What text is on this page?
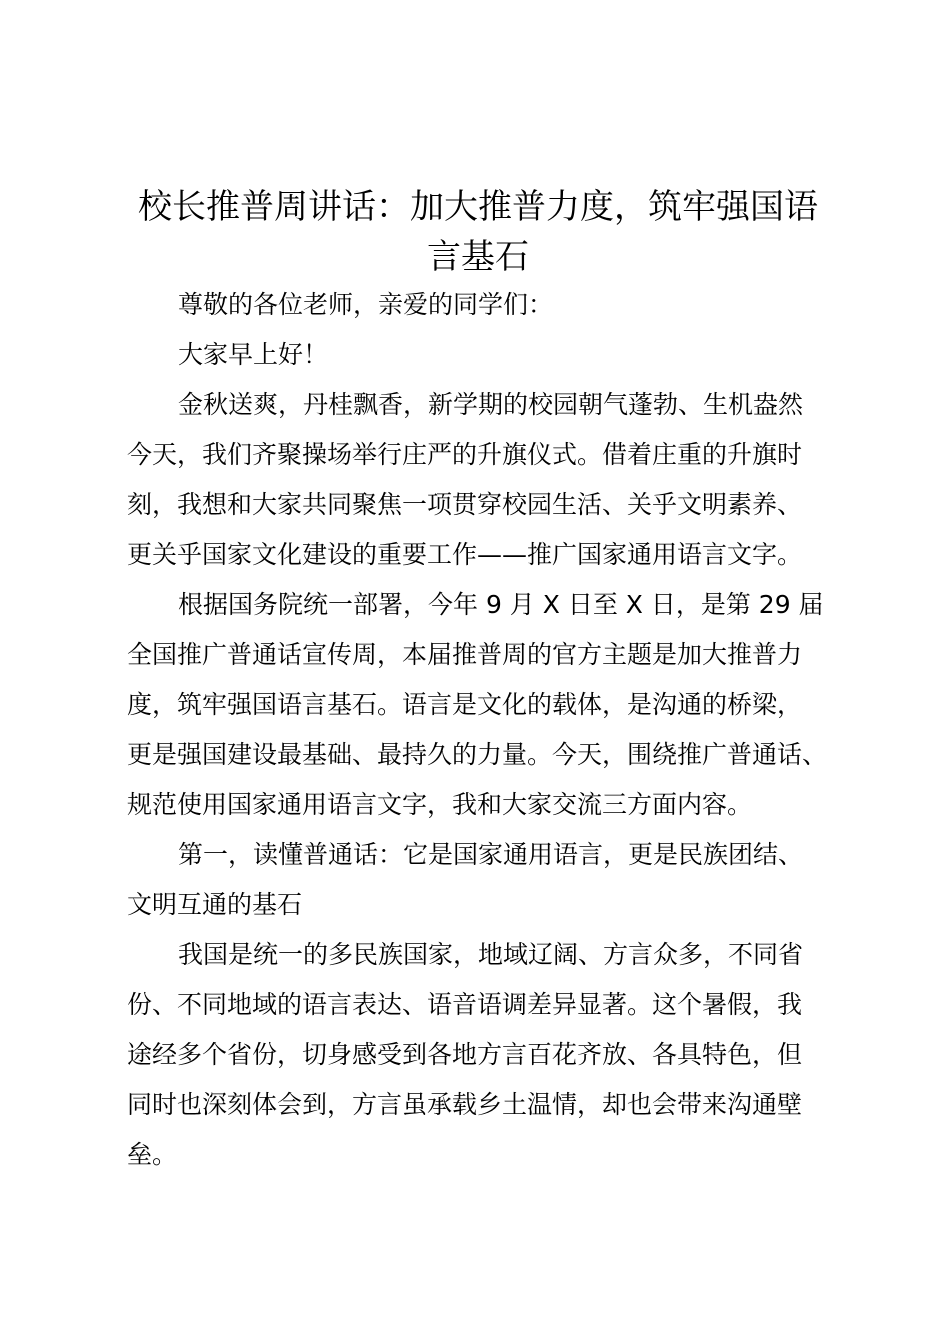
校长推普周讲话：加大推普力度，筑牢强国语
言基石

尊敬的各位老师，亲爱的同学们：

大家早上好！

金秋送爽，丹桂飘香，新学期的校园朝气蓬勃、生机盎然
今天，我们齐聚操场举行庄严的升旗仪式。借着庄重的升旗时
刻，我想和大家共同聚焦一项贯穿校园生活、关乎文明素养、
更关乎国家文化建设的重要工作——推广国家通用语言文字。

根据国务院统一部署，今年 9 月 X 日至 X 日，是第 29 届
全国推广普通话宣传周，本届推普周的官方主题是加大推普力
度，筑牢强国语言基石。语言是文化的载体，是沟通的桥梁，
更是强国建设最基础、最持久的力量。今天，围绕推广普通话、
规范使用国家通用语言文字，我和大家交流三方面内容。

第一，读懂普通话：它是国家通用语言，更是民族团结、
文明互通的基石

我国是统一的多民族国家，地域辽阔、方言众多，不同省
份、不同地域的语言表达、语音语调差异显著。这个暑假，我
途经多个省份，切身感受到各地方言百花齐放、各具特色，但
同时也深刻体会到，方言虽承载乡土温情，却也会带来沟通壁
垒。
